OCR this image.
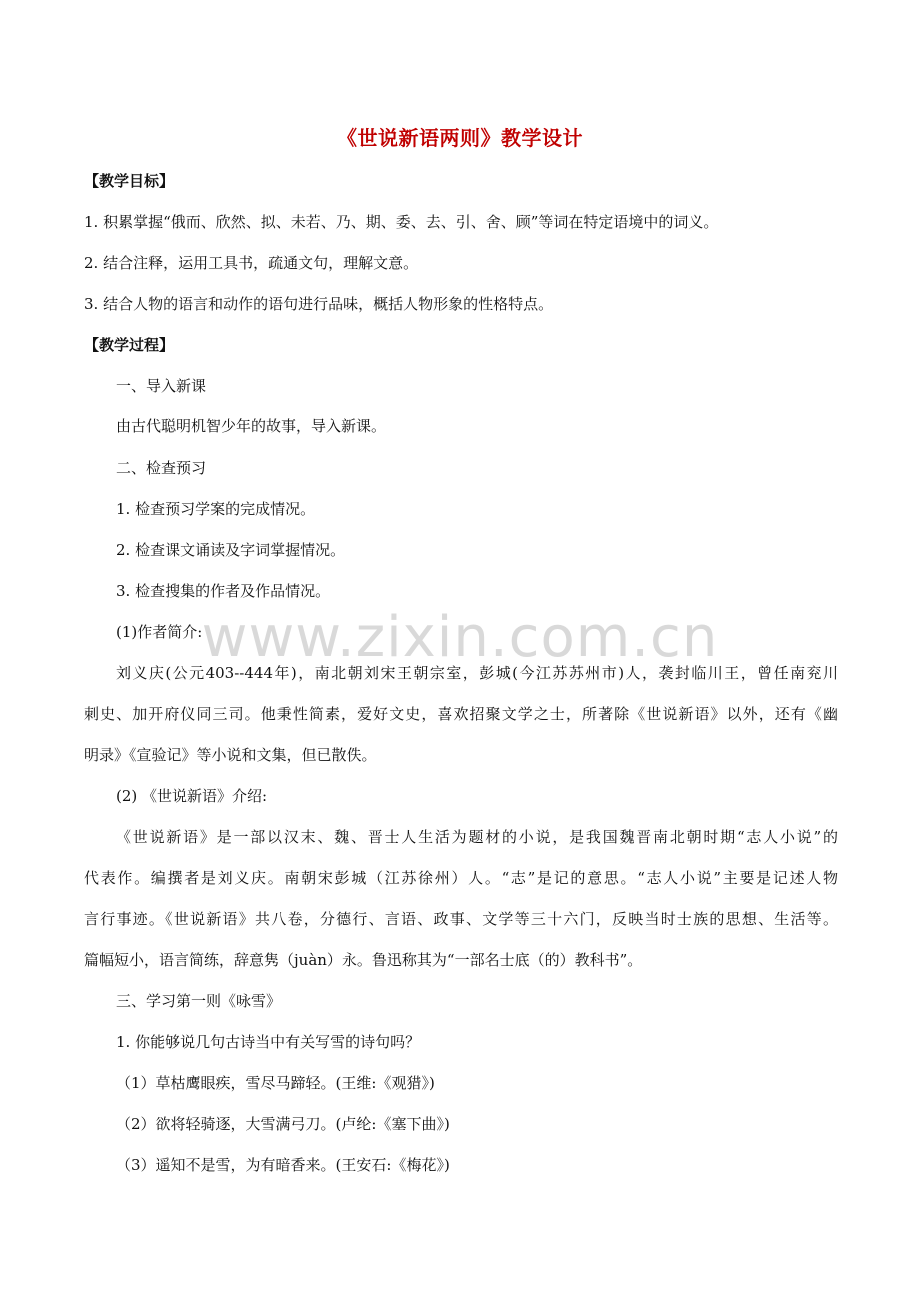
www.zixin.com.cn
《世说新语两则》教学设计
【教学目标】
1. 积累掌握“俄而、欣然、拟、未若、乃、期、委、去、引、舍、顾”等词在特定语境中的词义。
2. 结合注释，运用工具书，疏通文句，理解文意。
3. 结合人物的语言和动作的语句进行品味，概括人物形象的性格特点。
【教学过程】
一、导入新课
由古代聪明机智少年的故事，导入新课。
二、检查预习
1. 检查预习学案的完成情况。
2. 检查课文诵读及字词掌握情况。
3. 检查搜集的作者及作品情况。
(1)作者简介:
刘义庆(公元403--444年)，南北朝刘宋王朝宗室，彭城(今江苏苏州市)人，袭封临川王，曾任南兖川
刺史、加开府仪同三司。他秉性简素，爱好文史，喜欢招聚文学之士，所著除《世说新语》以外，还有《幽
明录》《宣验记》等小说和文集，但已散佚。
(2) 《世说新语》介绍:
《世说新语》是一部以汉末、魏、晋士人生活为题材的小说，是我国魏晋南北朝时期“志人小说”的
代表作。编撰者是刘义庆。南朝宋彭城（江苏徐州）人。“志”是记的意思。“志人小说”主要是记述人物
言行事迹。《世说新语》共八卷，分德行、言语、政事、文学等三十六门，反映当时士族的思想、生活等。
篇幅短小，语言简练，辞意隽（juàn）永。鲁迅称其为“一部名士底（的）教科书”。
三、学习第一则《咏雪》
1. 你能够说几句古诗当中有关写雪的诗句吗？
（1）草枯鹰眼疾，雪尽马蹄轻。(王维:《观猎》)
（2）欲将轻骑逐，大雪满弓刀。(卢纶:《塞下曲》)
（3）遥知不是雪，为有暗香来。(王安石:《梅花》)
